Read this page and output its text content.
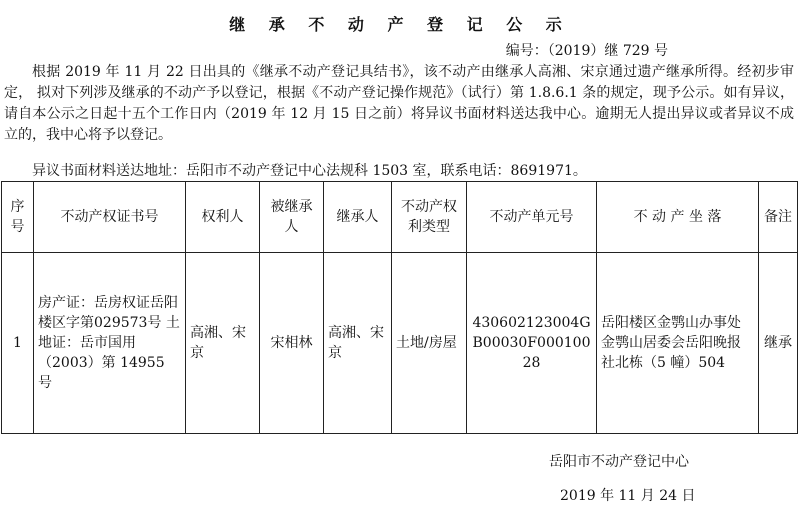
继 承 不 动 产 登 记 公 示
编号：（2019）继 729 号

根据 2019 年 11 月 22 日出具的《继承不动产登记具结书》，该不动产由继承人高湘、宋京通过遗产继承所得。经初步审定， 拟对下列涉及继承的不动产予以登记，根据《不动产登记操作规范》（试行）第 1.8.6.1 条的规定，现予公示。如有异议，请自本公示之日起十五个工作日内（2019 年 12 月 15 日之前）将异议书面材料送达我中心。逾期无人提出异议或者异议不成立的，我中心将予以登记。

异议书面材料送达地址：岳阳市不动产登记中心法规科 1503 室，联系电话：8691971。
序号	不动产权证书号	权利人	被继承人	继承人	不动产权利类型	不动产单元号	不 动 产 坐 落	备注
1	房产证：岳房权证岳阳楼区字第029573号 土地证：岳市国用（2003）第 14955 号	高湘、宋京	宋相林	高湘、宋京	土地/房屋	430602123004GB00030F00010028	岳阳楼区金鹗山办事处金鹗山居委会岳阳晚报社北栋（5 幢）504	继承
岳阳市不动产登记中心
2019 年 11 月 24 日
